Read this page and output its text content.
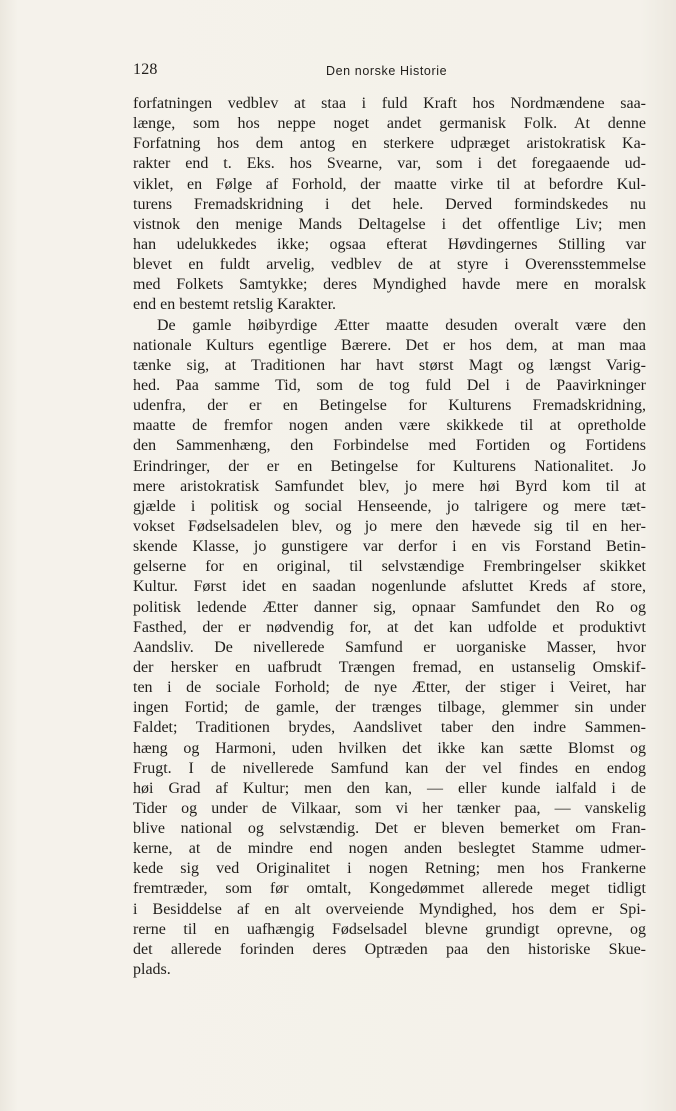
128	Den norske Historie
forfatningen vedblev at staa i fuld Kraft hos Nordmændene saa-
længe, som hos neppe noget andet germanisk Folk. At denne
Forfatning hos dem antog en sterkere udpræget aristokratisk Ka-
rakter end t. Eks. hos Svearne, var, som i det foregaaende ud-
viklet, en Følge af Forhold, der maatte virke til at befordre Kul-
turens Fremadskridning i det hele. Derved formindskedes nu
vistnok den menige Mands Deltagelse i det offentlige Liv; men
han udelukkedes ikke; ogsaa efterat Høvdingernes Stilling var
blevet en fuldt arvelig, vedblev de at styre i Overensstemmelse
med Folkets Samtykke; deres Myndighed havde mere en moralsk
end en bestemt retslig Karakter.
De gamle høibyrdige Ætter maatte desuden overalt være den
nationale Kulturs egentlige Bærere. Det er hos dem, at man maa
tænke sig, at Traditionen har havt størst Magt og længst Varig-
hed. Paa samme Tid, som de tog fuld Del i de Paavirkninger
udenfra, der er en Betingelse for Kulturens Fremadskridning,
maatte de fremfor nogen anden være skikkede til at opretholde
den Sammenhæng, den Forbindelse med Fortiden og Fortidens
Erindringer, der er en Betingelse for Kulturens Nationalitet. Jo
mere aristokratisk Samfundet blev, jo mere høi Byrd kom til at
gjælde i politisk og social Henseende, jo talrigere og mere tæt-
vokset Fødselsadelen blev, og jo mere den hævede sig til en her-
skende Klasse, jo gunstigere var derfor i en vis Forstand Betin-
gelserne for en original, til selvstændige Frembringelser skikket
Kultur. Først idet en saadan nogenlunde afsluttet Kreds af store,
politisk ledende Ætter danner sig, opnaar Samfundet den Ro og
Fasthed, der er nødvendig for, at det kan udfolde et produktivt
Aandsliv. De nivellerede Samfund er uorganiske Masser, hvor
der hersker en uafbrudt Trængen fremad, en ustanselig Omskif-
ten i de sociale Forhold; de nye Ætter, der stiger i Veiret, har
ingen Fortid; de gamle, der trænges tilbage, glemmer sin under
Faldet; Traditionen brydes, Aandslivet taber den indre Sammen-
hæng og Harmoni, uden hvilken det ikke kan sætte Blomst og
Frugt. I de nivellerede Samfund kan der vel findes en endog
høi Grad af Kultur; men den kan, — eller kunde ialfald i de
Tider og under de Vilkaar, som vi her tænker paa, — vanskelig
blive national og selvstændig. Det er bleven bemerket om Fran-
kerne, at de mindre end nogen anden beslegtet Stamme udmer-
kede sig ved Originalitet i nogen Retning; men hos Frankerne
fremtræder, som før omtalt, Kongedømmet allerede meget tidligt
i Besiddelse af en alt overveiende Myndighed, hos dem er Spi-
rerne til en uafhængig Fødselsadel blevne grundigt oprevne, og
det allerede forinden deres Optræden paa den historiske Skue-
plads.
